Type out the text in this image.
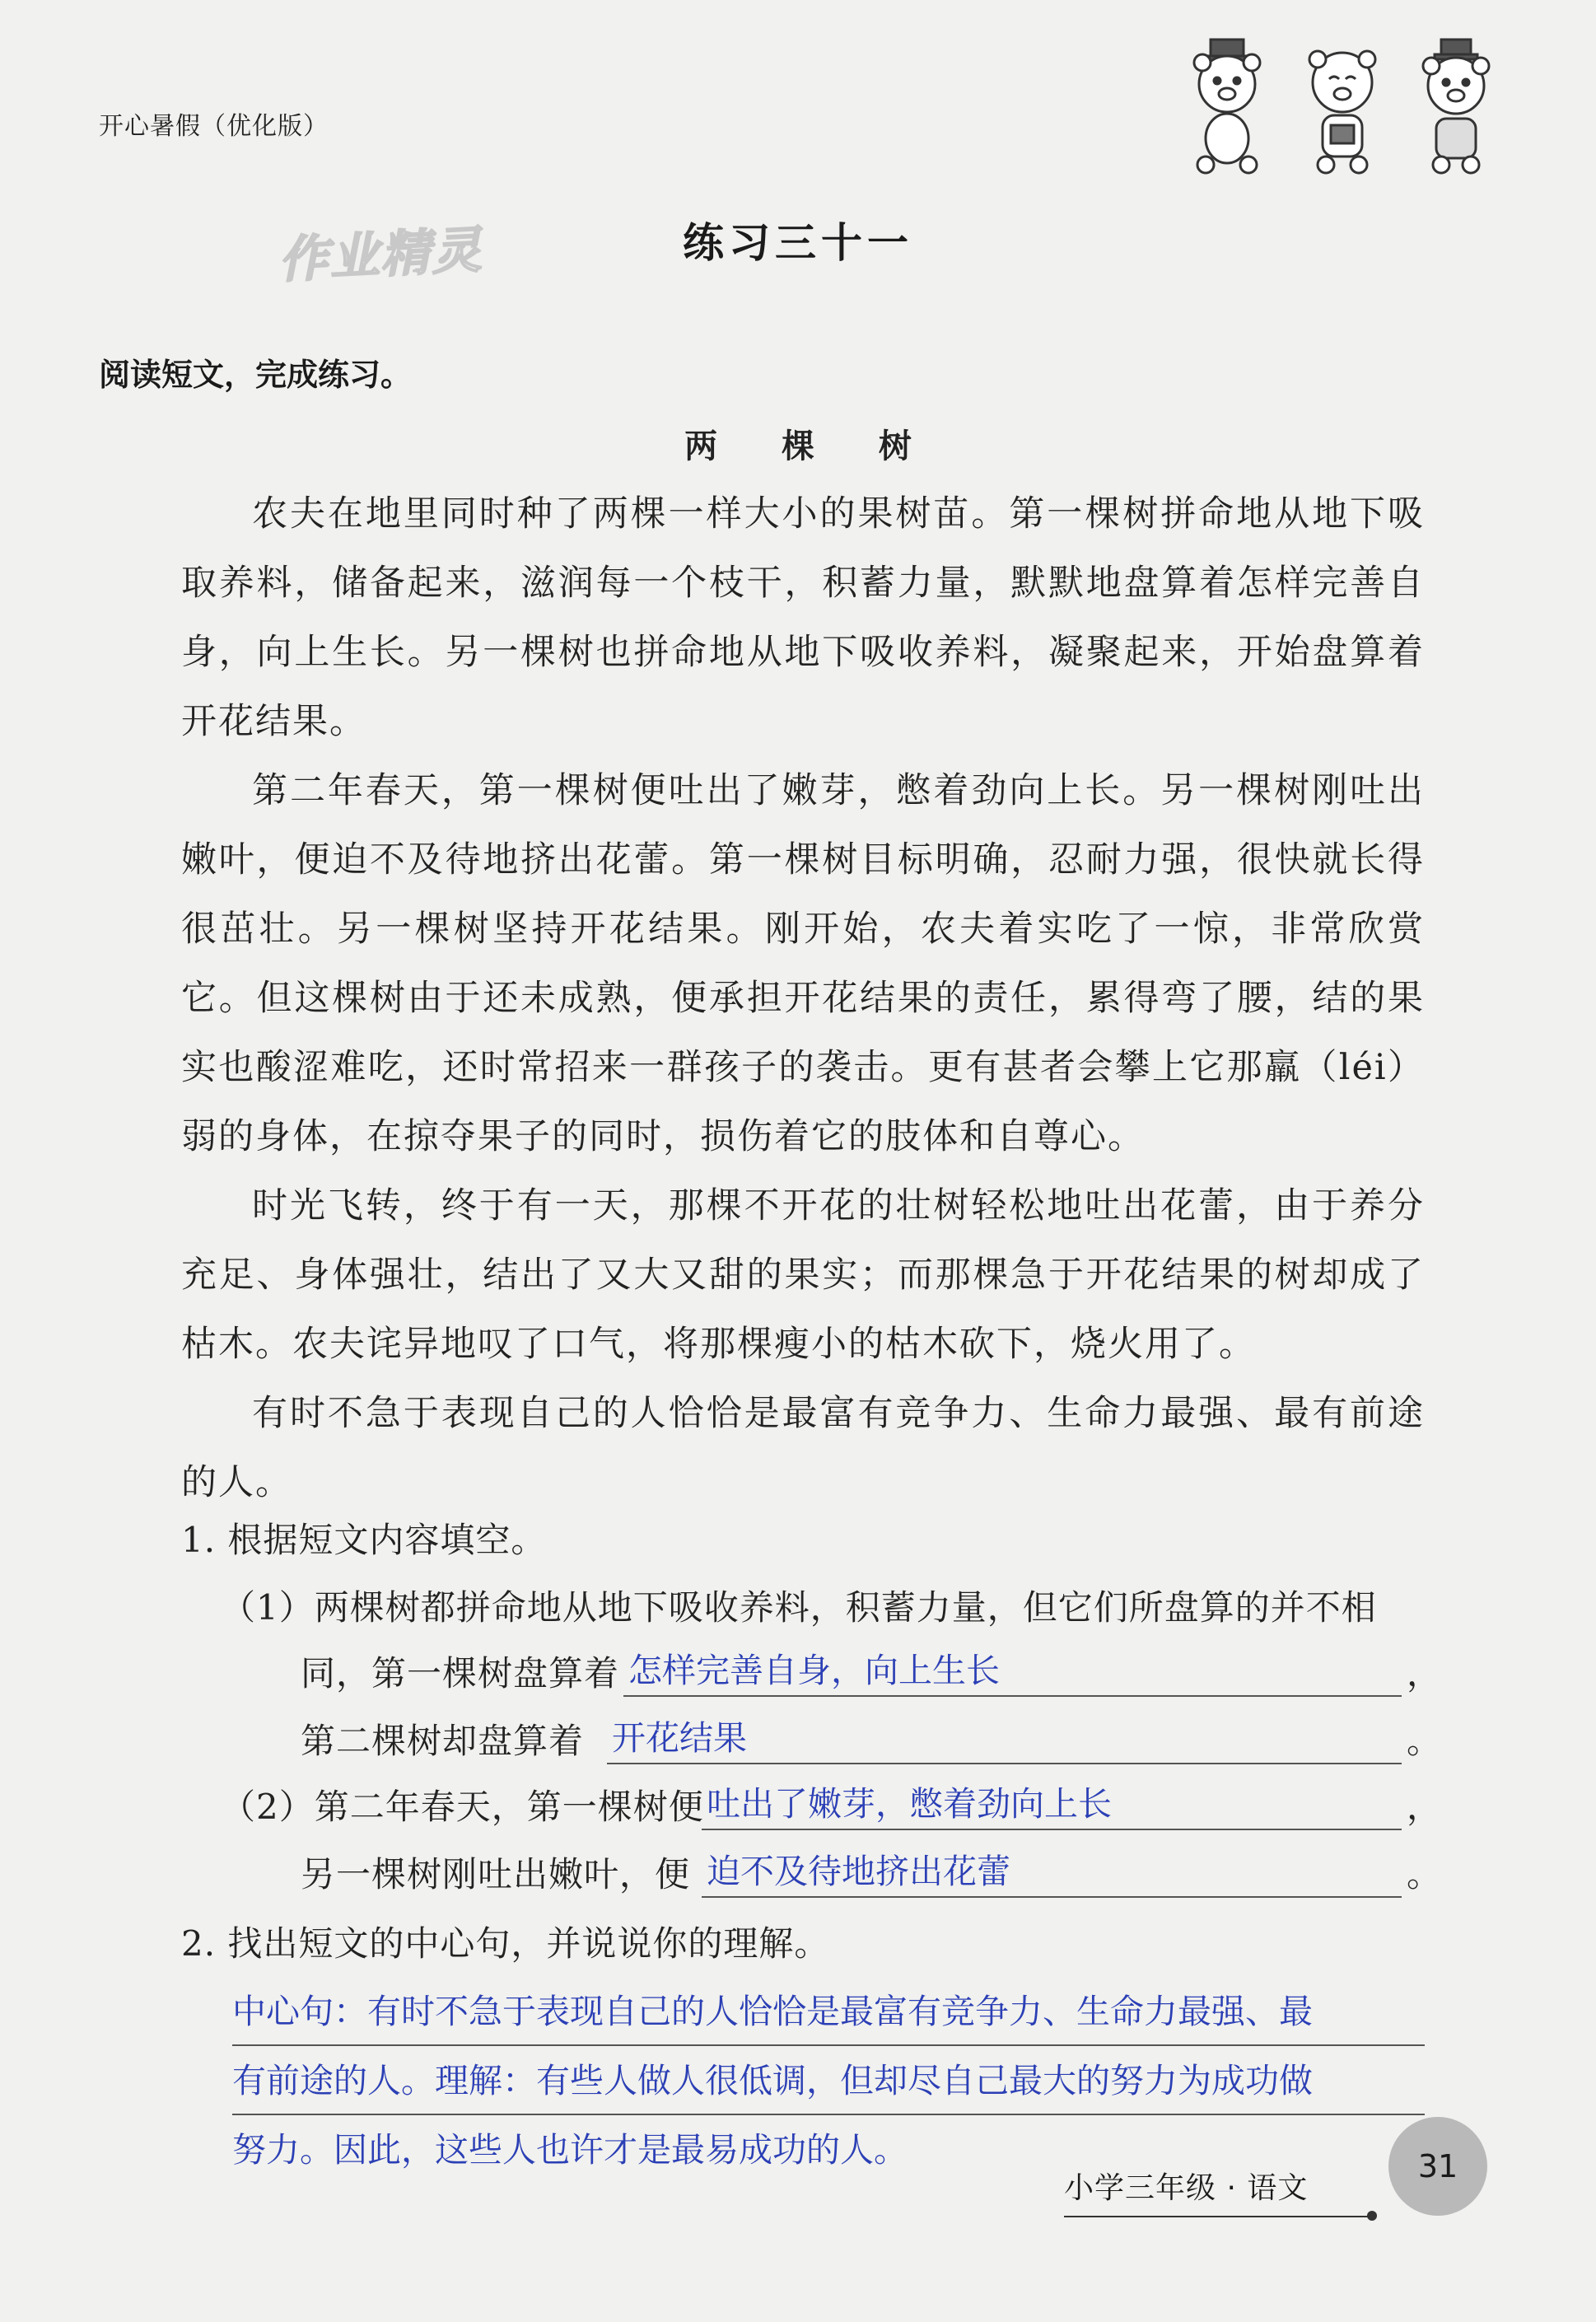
开心暑假（优化版）
作业精灵	练习三十一
阅读短文，完成练习。
两 棵 树

农夫在地里同时种了两棵一样大小的果树苗。第一棵树拼命地从地下吸取养料，储备起来，滋润每一个枝干，积蓄力量，默默地盘算着怎样完善自身，向上生长。另一棵树也拼命地从地下吸收养料，凝聚起来，开始盘算着开花结果。

第二年春天，第一棵树便吐出了嫩芽，憋着劲向上长。另一棵树刚吐出嫩叶，便迫不及待地挤出花蕾。第一棵树目标明确，忍耐力强，很快就长得很茁壮。另一棵树坚持开花结果。刚开始，农夫着实吃了一惊，非常欣赏它。但这棵树由于还未成熟，便承担开花结果的责任，累得弯了腰，结的果实也酸涩难吃，还时常招来一群孩子的袭击。更有甚者会攀上它那羸（léi）弱的身体，在掠夺果子的同时，损伤着它的肢体和自尊心。

时光飞转，终于有一天，那棵不开花的壮树轻松地吐出花蕾，由于养分充足、身体强壮，结出了又大又甜的果实；而那棵急于开花结果的树却成了枯木。农夫诧异地叹了口气，将那棵瘦小的枯木砍下，烧火用了。

有时不急于表现自己的人恰恰是最富有竞争力、生命力最强、最有前途的人。

1. 根据短文内容填空。
（1）两棵树都拼命地从地下吸收养料，积蓄力量，但它们所盘算的并不相
同，第一棵树盘算着 怎样完善自身，向上生长	，
第二棵树却盘算着 开花结果	。
（2）第二年春天，第一棵树便 吐出了嫩芽，憋着劲向上长	，
另一棵树刚吐出嫩叶，便 迫不及待地挤出花蕾	。
2. 找出短文的中心句，并说说你的理解。
中心句：有时不急于表现自己的人恰恰是最富有竞争力、生命力最强、最
有前途的人。理解：有些人做人很低调，但却尽自己最大的努力为成功做
努力。因此，这些人也许才是最易成功的人。
小学三年级 · 语文
31
